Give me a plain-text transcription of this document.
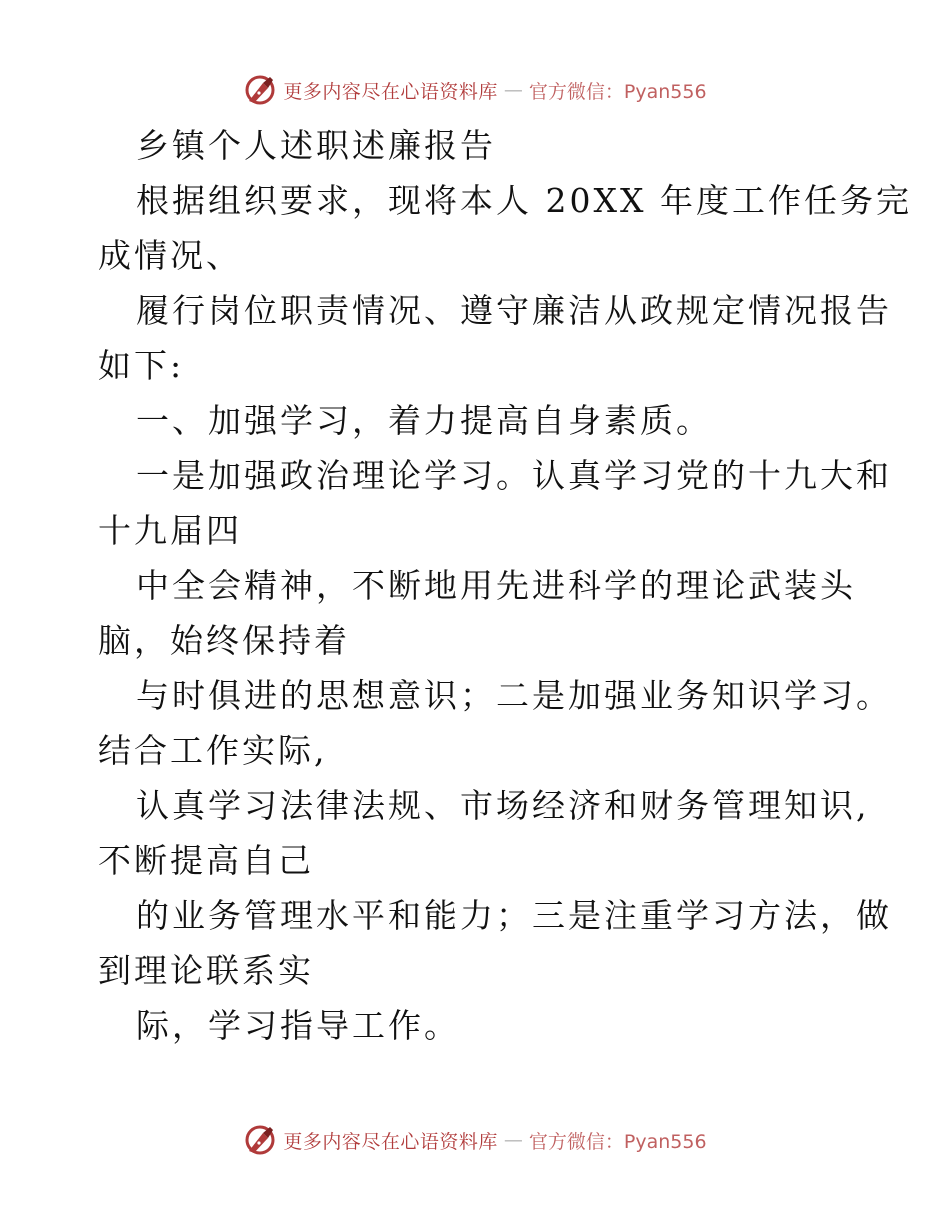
更多内容尽在心语资料库 — 官方微信：Pyan556
乡镇个人述职述廉报告
根据组织要求，现将本人 20XX 年度工作任务完
成情况、
履行岗位职责情况、遵守廉洁从政规定情况报告
如下:
一、加强学习，着力提高自身素质。
一是加强政治理论学习。认真学习党的十九大和
十九届四
中全会精神，不断地用先进科学的理论武装头
脑，始终保持着
与时俱进的思想意识；二是加强业务知识学习。
结合工作实际,
认真学习法律法规、市场经济和财务管理知识,
不断提高自己
的业务管理水平和能力；三是注重学习方法，做
到理论联系实
际，学习指导工作。
更多内容尽在心语资料库 — 官方微信：Pyan556
